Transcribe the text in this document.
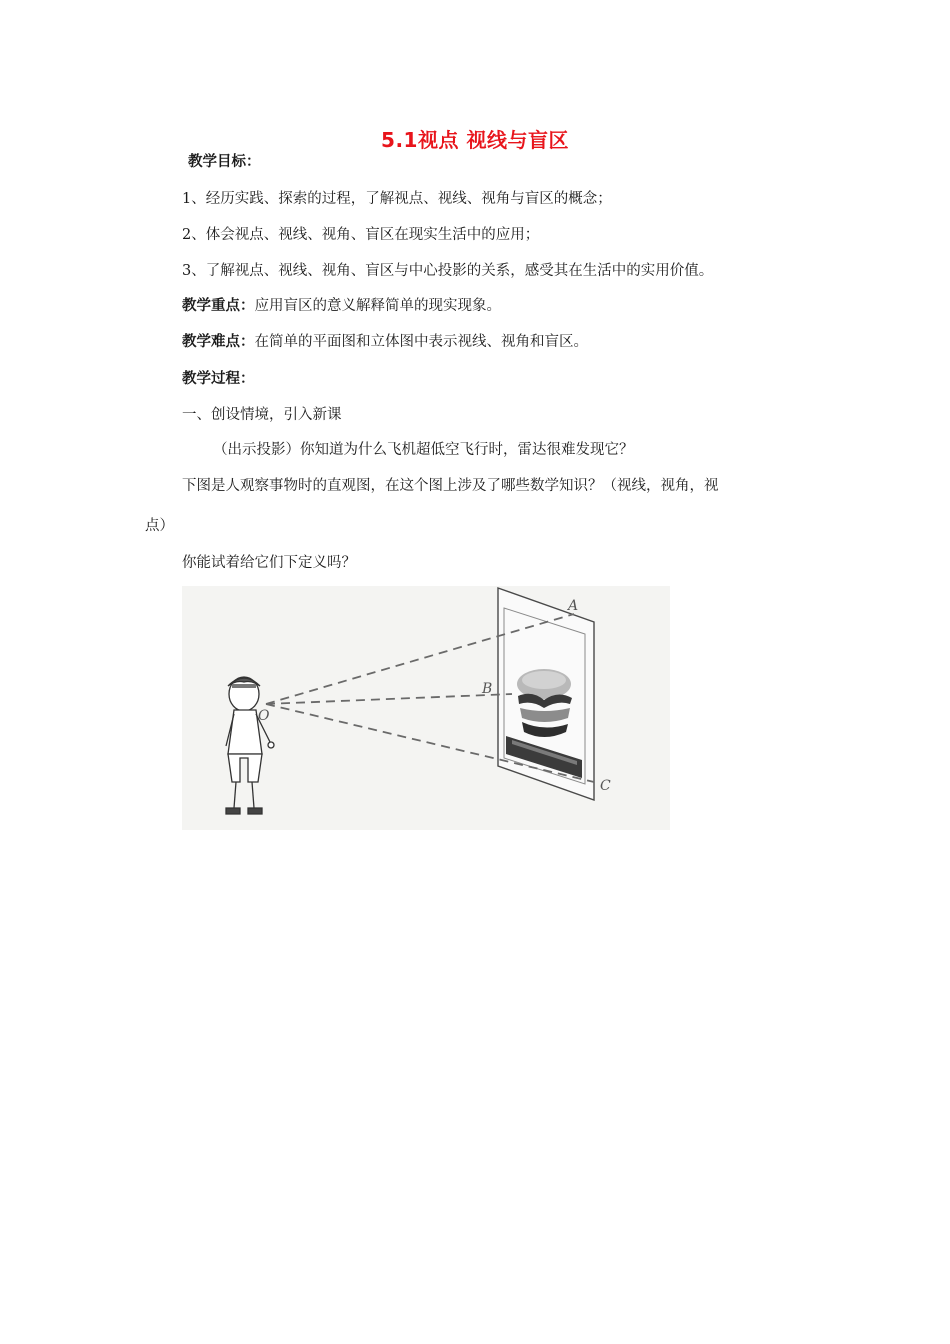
5.1视点 视线与盲区
教学目标：
1、经历实践、探索的过程，了解视点、视线、视角与盲区的概念；
2、体会视点、视线、视角、盲区在现实生活中的应用；
3、了解视点、视线、视角、盲区与中心投影的关系，感受其在生活中的实用价值。
教学重点：应用盲区的意义解释简单的现实现象。
教学难点：在简单的平面图和立体图中表示视线、视角和盲区。
教学过程：
一、创设情境，引入新课
（出示投影）你知道为什么飞机超低空飞行时，雷达很难发现它？
下图是人观察事物时的直观图，在这个图上涉及了哪些数学知识？（视线，视角，视
点）
你能试着给它们下定义吗？
A
B
C
O
